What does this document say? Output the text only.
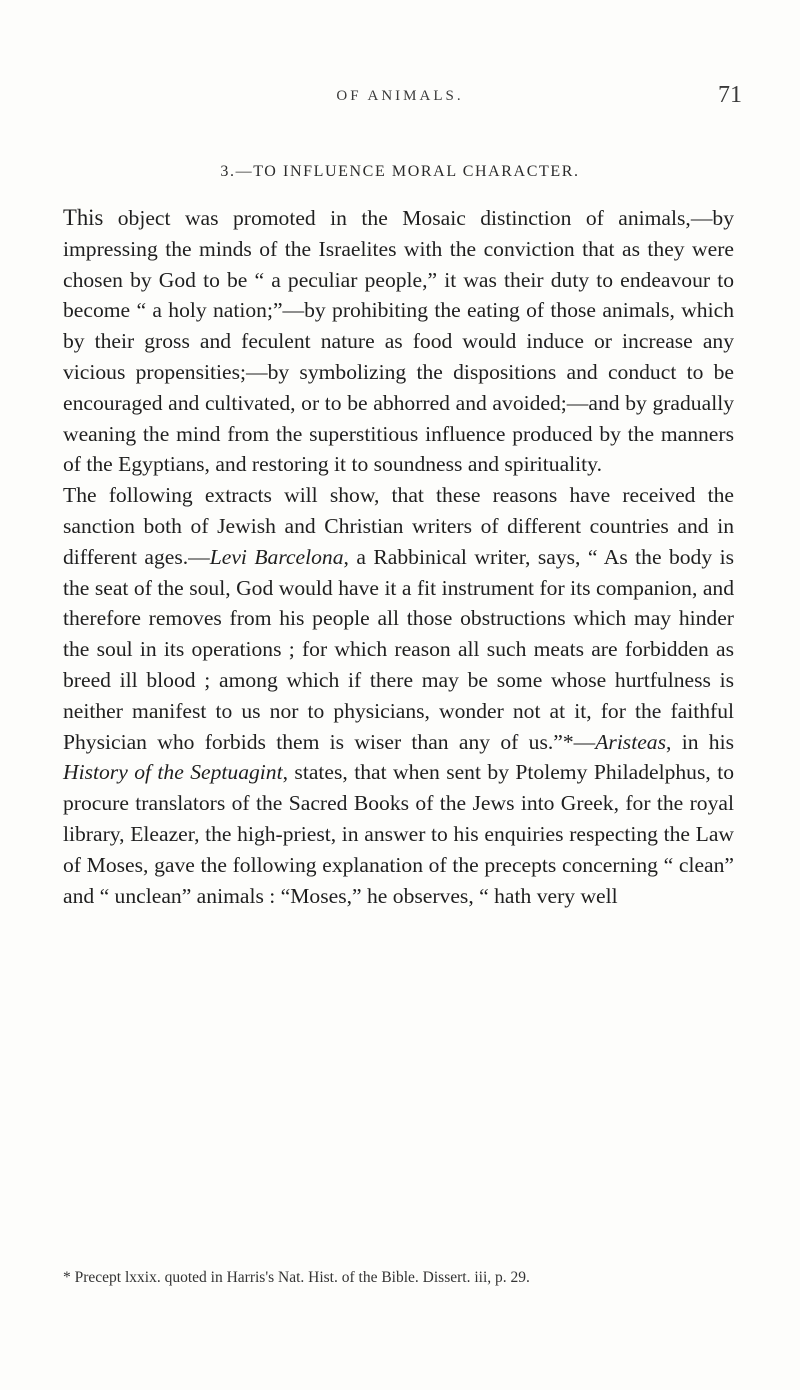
OF ANIMALS.	71
3.—TO INFLUENCE MORAL CHARACTER.

This object was promoted in the Mosaic distinction of animals,—by impressing the minds of the Israelites with the conviction that as they were chosen by God to be “ a peculiar people,” it was their duty to endeavour to become “ a holy nation;”—by prohibiting the eating of those animals, which by their gross and feculent nature as food would induce or increase any vicious propensities;—by symbolizing the dispositions and conduct to be encouraged and cultivated, or to be abhorred and avoided;—and by gradually weaning the mind from the superstitious influence produced by the manners of the Egyptians, and restoring it to soundness and spirituality.

The following extracts will show, that these reasons have received the sanction both of Jewish and Christian writers of different countries and in different ages.—Levi Barcelona, a Rabbinical writer, says, “ As the body is the seat of the soul, God would have it a fit instrument for its companion, and therefore removes from his people all those obstructions which may hinder the soul in its operations ; for which reason all such meats are forbidden as breed ill blood ; among which if there may be some whose hurtfulness is neither manifest to us nor to physicians, wonder not at it, for the faithful Physician who forbids them is wiser than any of us.”*—Aristeas, in his History of the Septuagint, states, that when sent by Ptolemy Philadelphus, to procure translators of the Sacred Books of the Jews into Greek, for the royal library, Eleazer, the high-priest, in answer to his enquiries respecting the Law of Moses, gave the following explanation of the precepts concerning “ clean” and “ unclean” animals : “Moses,” he observes, “ hath very well

* Precept lxxix. quoted in Harris's Nat. Hist. of the Bible. Dissert. iii, p. 29.
